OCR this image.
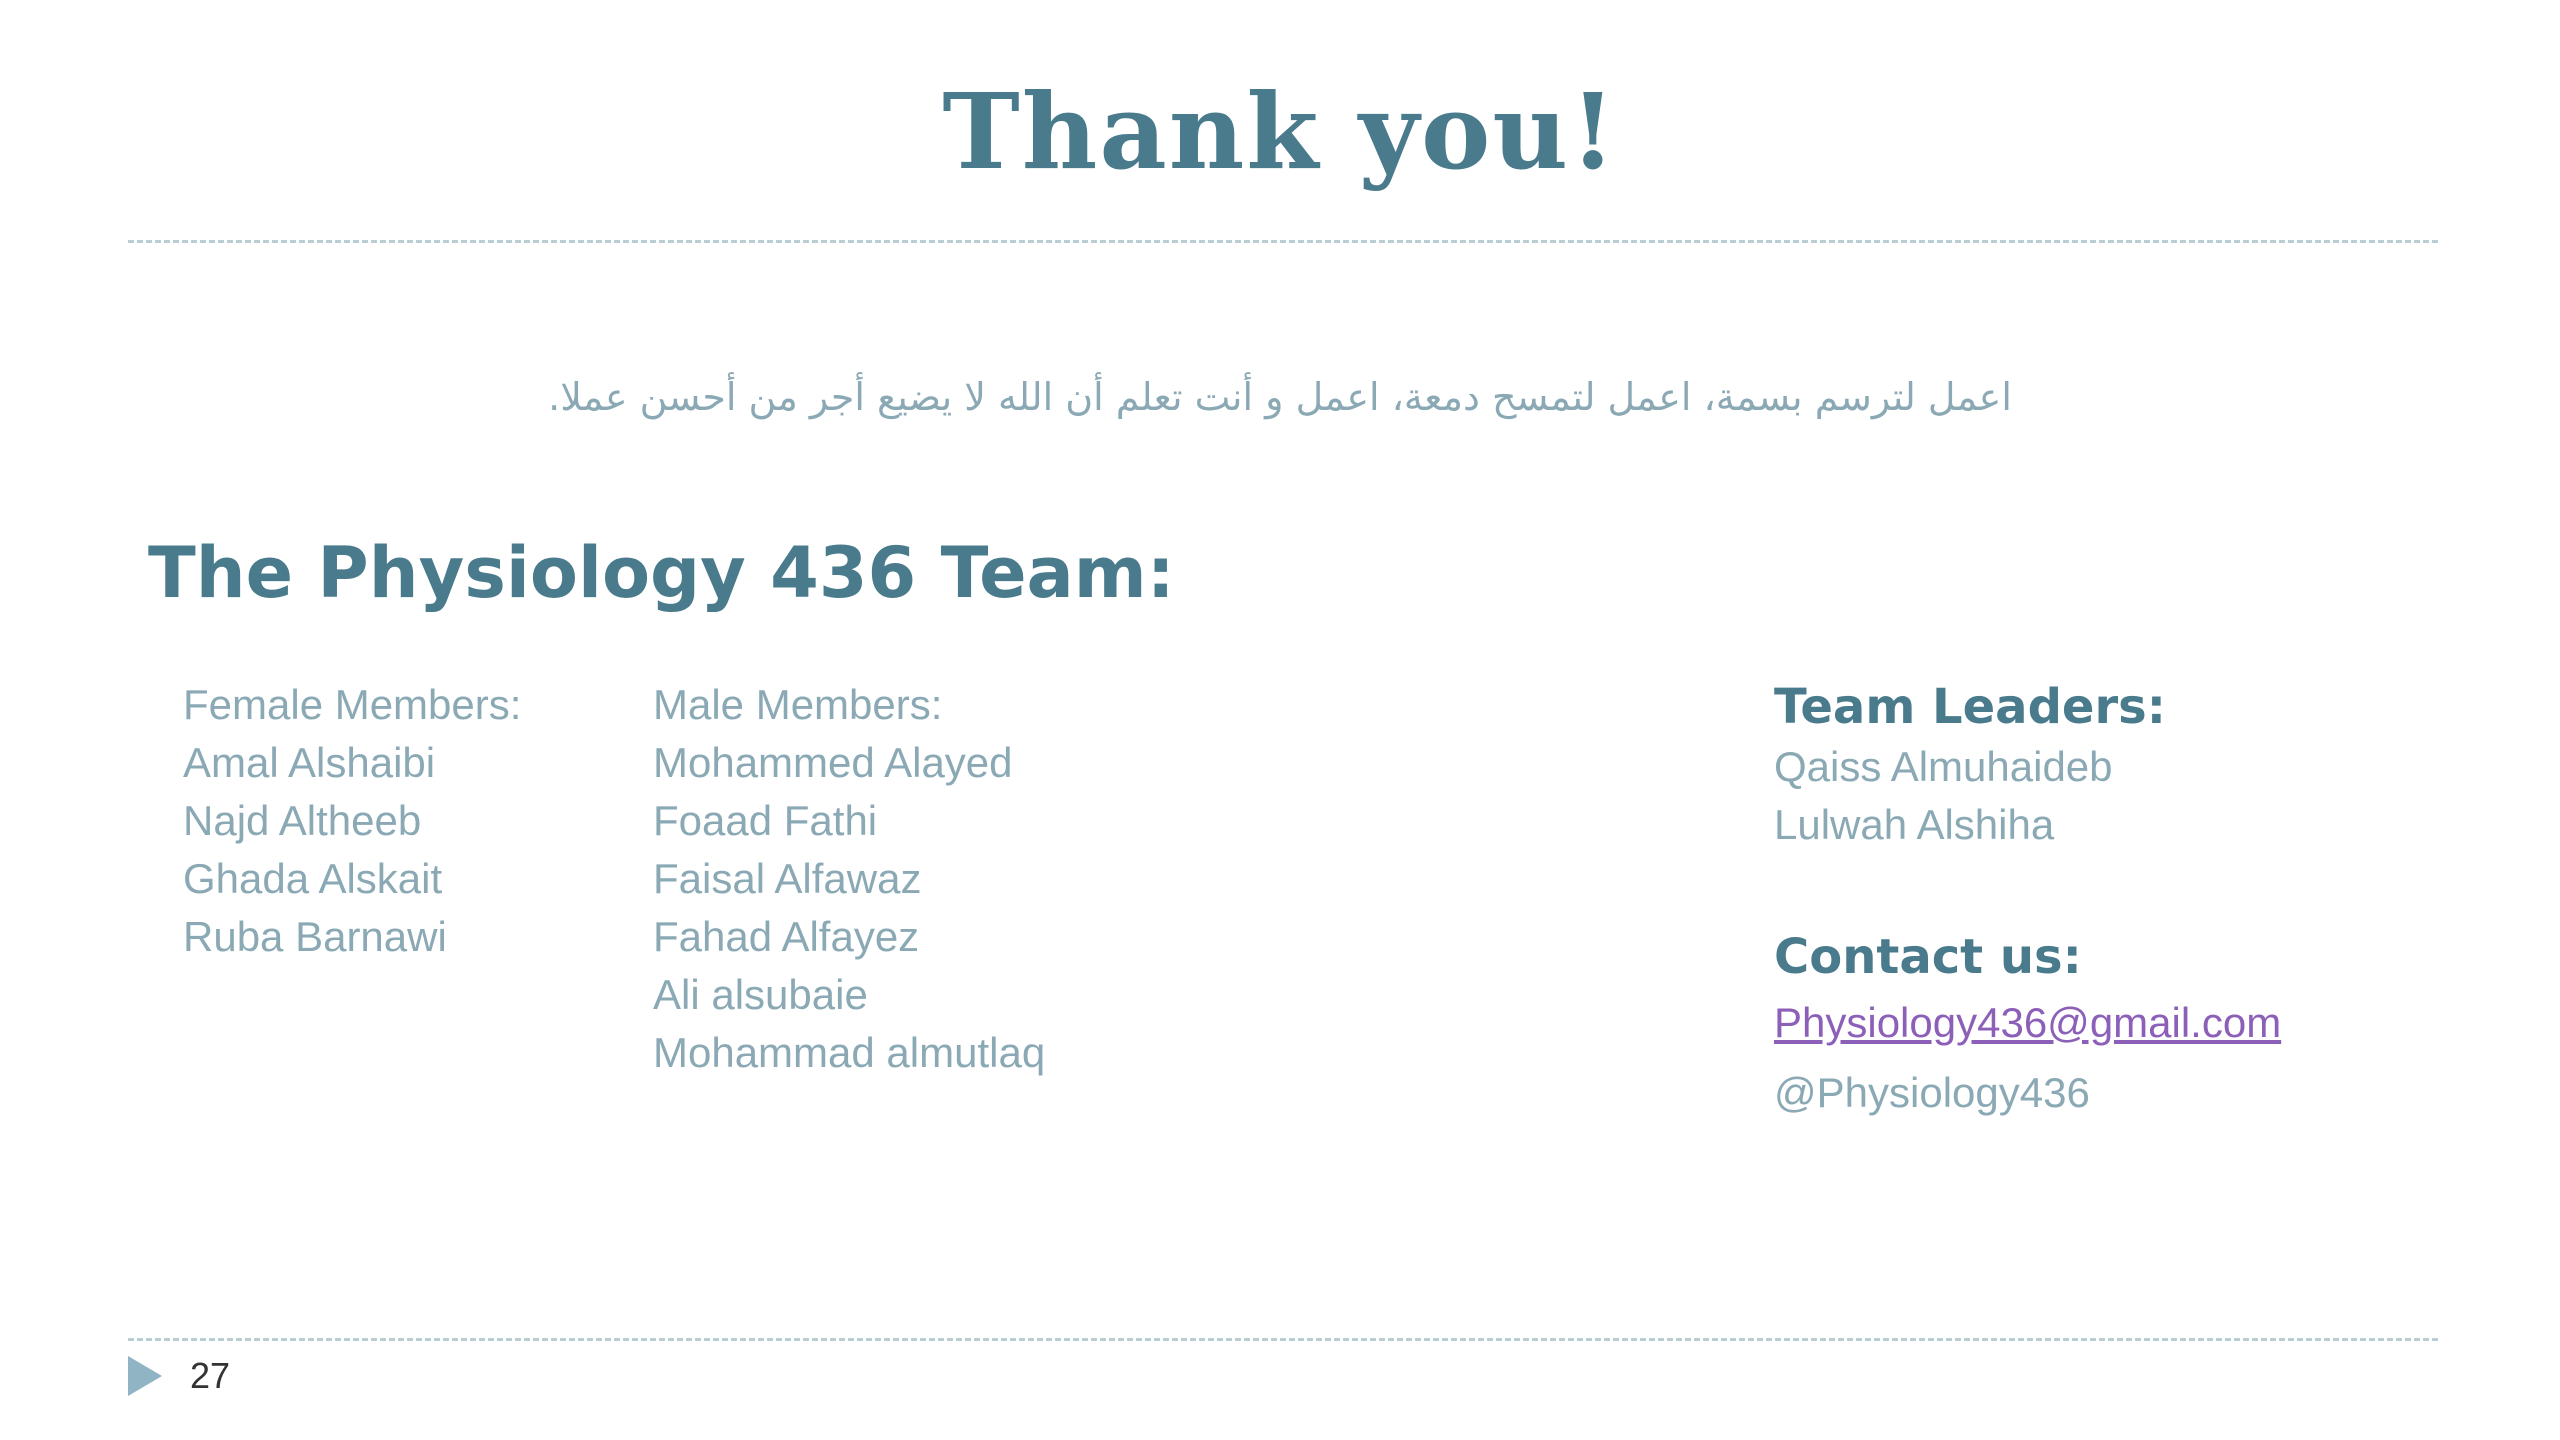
Thank you!
اعمل لترسم بسمة، اعمل لتمسح دمعة، اعمل و أنت تعلم أن الله لا يضيع أجر من أحسن عملا.
The Physiology 436 Team:
Female Members:
Amal Alshaibi
Najd Altheeb
Ghada Alskait
Ruba Barnawi
Male Members:
Mohammed Alayed
Foaad Fathi
Faisal Alfawaz
Fahad Alfayez
Ali alsubaie
Mohammad almutlaq
Team Leaders:
Qaiss Almuhaideb
Lulwah Alshiha
Contact us:
Physiology436@gmail.com
@Physiology436
27
